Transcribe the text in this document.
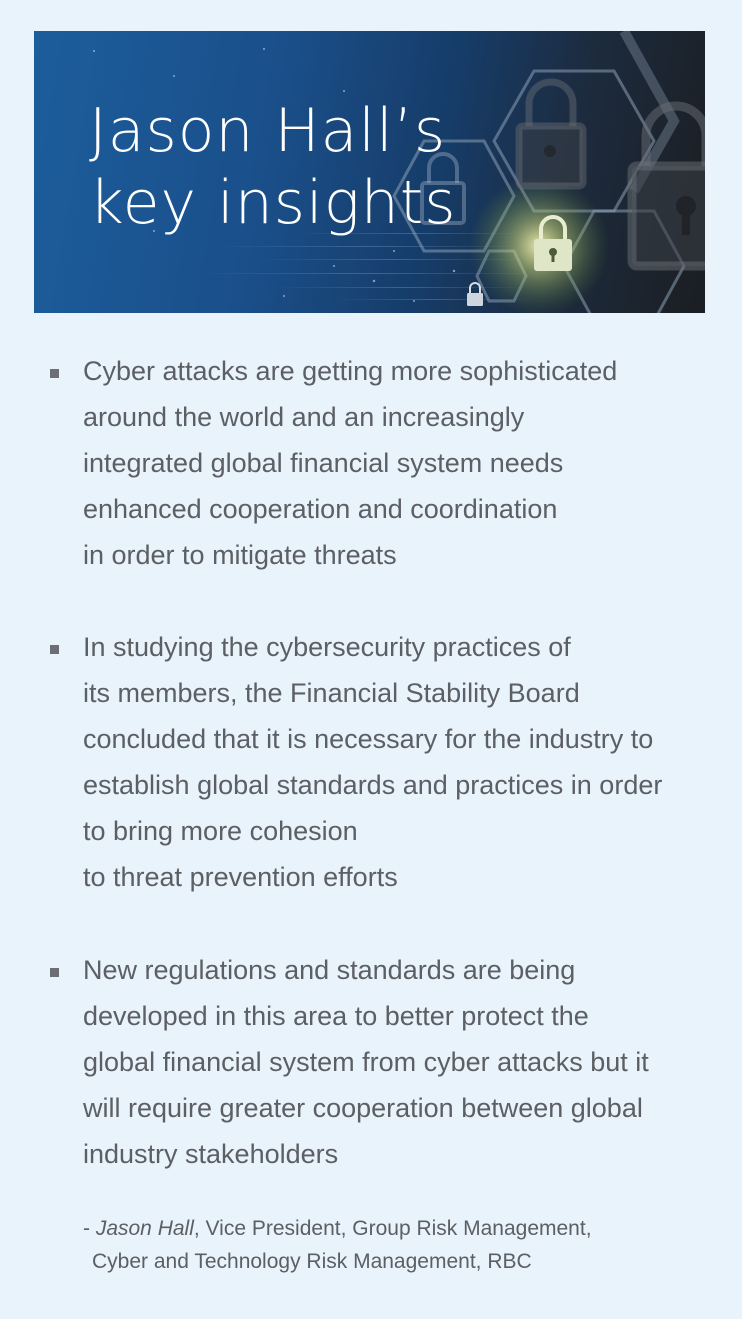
Jason Hall’s
key insights

Cyber attacks are getting more sophisticated
around the world and an increasingly
integrated global financial system needs
enhanced cooperation and coordination
in order to mitigate threats

In studying the cybersecurity practices of
its members, the Financial Stability Board
concluded that it is necessary for the industry to
establish global standards and practices in order
to bring more cohesion
to threat prevention efforts

New regulations and standards are being
developed in this area to better protect the
global financial system from cyber attacks but it
will require greater cooperation between global
industry stakeholders

- Jason Hall, Vice President, Group Risk Management,
Cyber and Technology Risk Management, RBC
